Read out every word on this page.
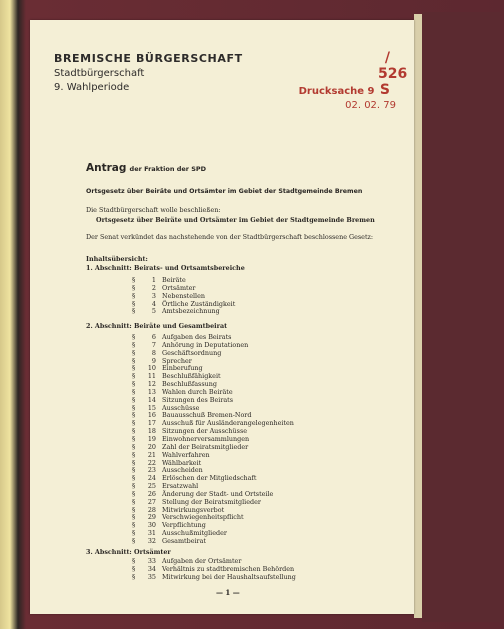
BREMISCHE BÜRGERSCHAFT
Stadtbürgerschaft
9. Wahlperiode	Drucksache 9 / 526 S
02. 02. 79
Antrag der Fraktion der SPD
Ortsgesetz über Beiräte und Ortsämter im Gebiet der Stadtgemeinde Bremen
Die Stadtbürgerschaft wolle beschließen:
Ortsgesetz über Beiräte und Ortsämter im Gebiet der Stadtgemeinde Bremen
Der Senat verkündet das nachstehende von der Stadtbürgerschaft beschlossene Gesetz:
Inhaltsübersicht:
1. Abschnitt: Beirats- und Ortsamtsbereiche
§	1 Beiräte
§	2 Ortsämter
§	3 Nebenstellen
§	4 Örtliche Zuständigkeit
§	5 Amtsbezeichnung
2. Abschnitt: Beiräte und Gesamtbeirat
§	6 Aufgaben des Beirats
§	7 Anhörung in Deputationen
§	8 Geschäftsordnung
§	9 Sprecher
§ 10 Einberufung
§ 11 Beschlußfähigkeit
§ 12 Beschlußfassung
§ 13 Wahlen durch Beiräte
§ 14 Sitzungen des Beirats
§ 15 Ausschüsse
§ 16 Bauausschuß Bremen-Nord
§ 17 Ausschuß für Ausländerangelegenheiten
§ 18 Sitzungen der Ausschüsse
§ 19 Einwohnerversammlungen
§ 20 Zahl der Beiratsmitglieder
§ 21 Wahlverfahren
§ 22 Wählbarkeit
§ 23 Ausscheiden
§ 24 Erlöschen der Mitgliedschaft
§ 25 Ersatzwahl
§ 26 Änderung der Stadt- und Ortsteile
§ 27 Stellung der Beiratsmitglieder
§ 28 Mitwirkungsverbot
§ 29 Verschwiegenheitspflicht
§ 30 Verpflichtung
§ 31 Ausschußmitglieder
§ 32 Gesamtbeirat
3. Abschnitt: Ortsämter
§ 33 Aufgaben der Ortsämter
§ 34 Verhältnis zu stadtbremischen Behörden
§ 35 Mitwirkung bei der Haushaltsaufstellung
— 1 —
